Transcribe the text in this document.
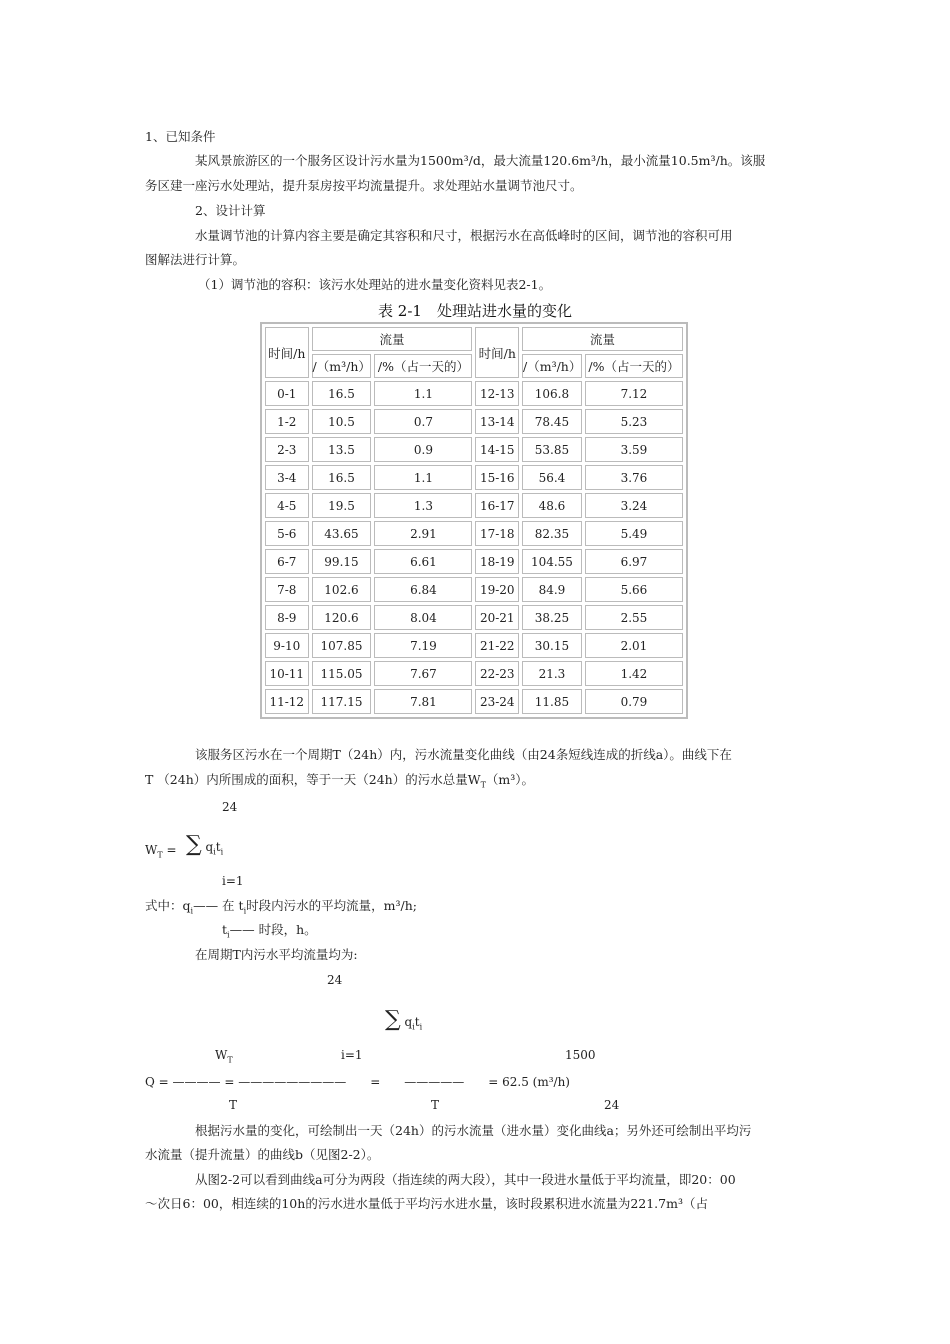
1、已知条件
某风景旅游区的一个服务区设计污水量为1500m³/d，最大流量120.6m³/h，最小流量10.5m³/h。该服
务区建一座污水处理站，提升泵房按平均流量提升。求处理站水量调节池尺寸。
2、设计计算
水量调节池的计算内容主要是确定其容积和尺寸，根据污水在高低峰时的区间，调节池的容积可用
图解法进行计算。
（1）调节池的容积：该污水处理站的进水量变化资料见表2-1。
表 2-1　处理站进水量的变化
时间/h	流量		时间/h	流量	
	/（m³/h）	/%（占一天的）		/（m³/h）	/%（占一天的）
0-1	16.5	1.1	12-13	106.8	7.12
1-2	10.5	0.7	13-14	78.45	5.23
2-3	13.5	0.9	14-15	53.85	3.59
3-4	16.5	1.1	15-16	56.4	3.76
4-5	19.5	1.3	16-17	48.6	3.24
5-6	43.65	2.91	17-18	82.35	5.49
6-7	99.15	6.61	18-19	104.55	6.97
7-8	102.6	6.84	19-20	84.9	5.66
8-9	120.6	8.04	20-21	38.25	2.55
9-10	107.85	7.19	21-22	30.15	2.01
10-11	115.05	7.67	22-23	21.3	1.42
11-12	117.15	7.81	23-24	11.85	0.79
该服务区污水在一个周期T（24h）内，污水流量变化曲线（由24条短线连成的折线a）。曲线下在
T （24h）内所围成的面积，等于一天（24h）的污水总量$W_T(m^3)$。
24
$W_T$ = ∑ $q_it_i$
i=1
式中：$q_i——$ 在 $t_i$时段内污水的平均流量，m³/h;
$t_i——$ 时段，h。
在周期T内污水平均流量均为:
24
∑ $q_it_i$
$W_T$	i=1	1500
Q = ———— = —————————　　=　　—————　　= 62.5 (m³/h)
T	T	24
根据污水量的变化，可绘制出一天（24h）的污水流量（进水量）变化曲线a；另外还可绘制出平均污
水流量（提升流量）的曲线b（见图2-2）。
从图2-2可以看到曲线a可分为两段（指连续的两大段），其中一段进水量低于平均流量，即20：00
～次日6：00，相连续的10h的污水进水量低于平均污水进水量，该时段累积进水流量为221.7m³（占
